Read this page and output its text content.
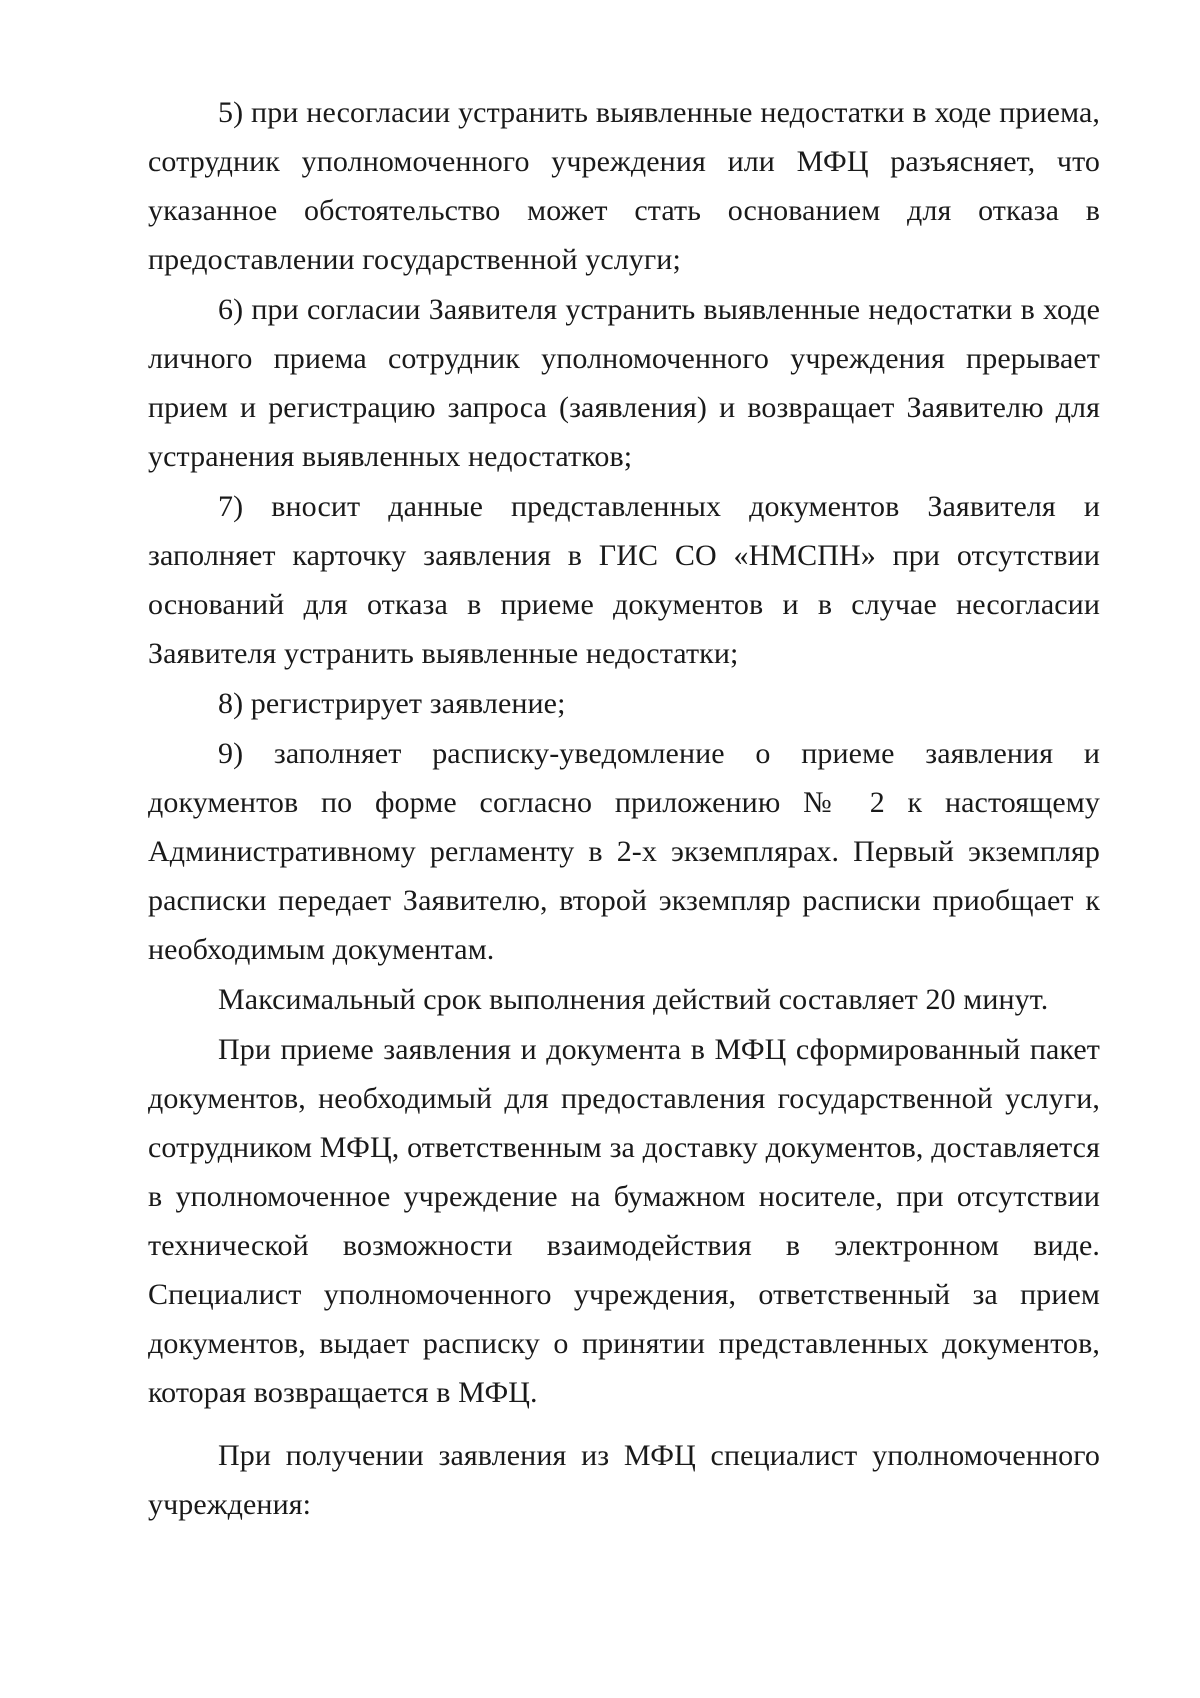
5) при несогласии устранить выявленные недостатки в ходе приема, сотрудник уполномоченного учреждения или МФЦ разъясняет, что указанное обстоятельство может стать основанием для отказа в предоставлении государственной услуги;

6) при согласии Заявителя устранить выявленные недостатки в ходе личного приема сотрудник уполномоченного учреждения прерывает прием и регистрацию запроса (заявления) и возвращает Заявителю для устранения выявленных недостатков;

7) вносит данные представленных документов Заявителя и заполняет карточку заявления в ГИС СО «НМСПН» при отсутствии оснований для отказа в приеме документов и в случае несогласии Заявителя устранить выявленные недостатки;

8) регистрирует заявление;

9) заполняет расписку-уведомление о приеме заявления и документов по форме согласно приложению № 2 к настоящему Административному регламенту в 2-х экземплярах. Первый экземпляр расписки передает Заявителю, второй экземпляр расписки приобщает к необходимым документам.

Максимальный срок выполнения действий составляет 20 минут.

При приеме заявления и документа в МФЦ сформированный пакет документов, необходимый для предоставления государственной услуги, сотрудником МФЦ, ответственным за доставку документов, доставляется в уполномоченное учреждение на бумажном носителе, при отсутствии технической возможности взаимодействия в электронном виде. Специалист уполномоченного учреждения, ответственный за прием документов, выдает расписку о принятии представленных документов, которая возвращается в МФЦ.

При получении заявления из МФЦ специалист уполномоченного учреждения:
